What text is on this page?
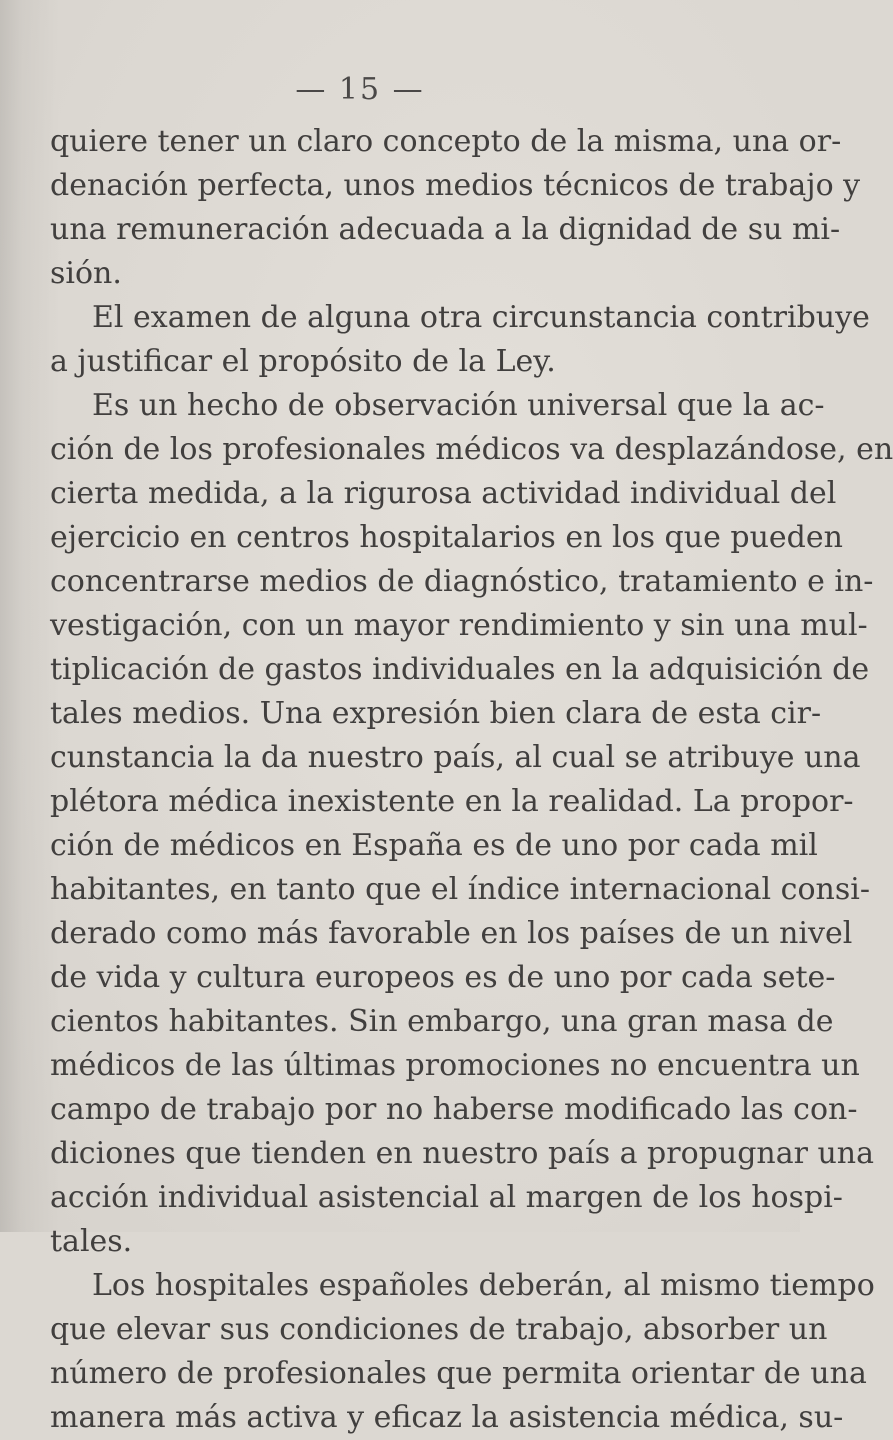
— 15 —
quiere tener un claro concepto de la misma, una or-
denación perfecta, unos medios técnicos de trabajo y
una remuneración adecuada a la dignidad de su mi-
sión.
El examen de alguna otra circunstancia contribuye
a justificar el propósito de la Ley.
Es un hecho de observación universal que la ac-
ción de los profesionales médicos va desplazándose, en
cierta medida, a la rigurosa actividad individual del
ejercicio en centros hospitalarios en los que pueden
concentrarse medios de diagnóstico, tratamiento e in-
vestigación, con un mayor rendimiento y sin una mul-
tiplicación de gastos individuales en la adquisición de
tales medios. Una expresión bien clara de esta cir-
cunstancia la da nuestro país, al cual se atribuye una
plétora médica inexistente en la realidad. La propor-
ción de médicos en España es de uno por cada mil
habitantes, en tanto que el índice internacional consi-
derado como más favorable en los países de un nivel
de vida y cultura europeos es de uno por cada sete-
cientos habitantes. Sin embargo, una gran masa de
médicos de las últimas promociones no encuentra un
campo de trabajo por no haberse modificado las con-
diciones que tienden en nuestro país a propugnar una
acción individual asistencial al margen de los hospi-
tales.
Los hospitales españoles deberán, al mismo tiempo
que elevar sus condiciones de trabajo, absorber un
número de profesionales que permita orientar de una
manera más activa y eficaz la asistencia médica, su-
